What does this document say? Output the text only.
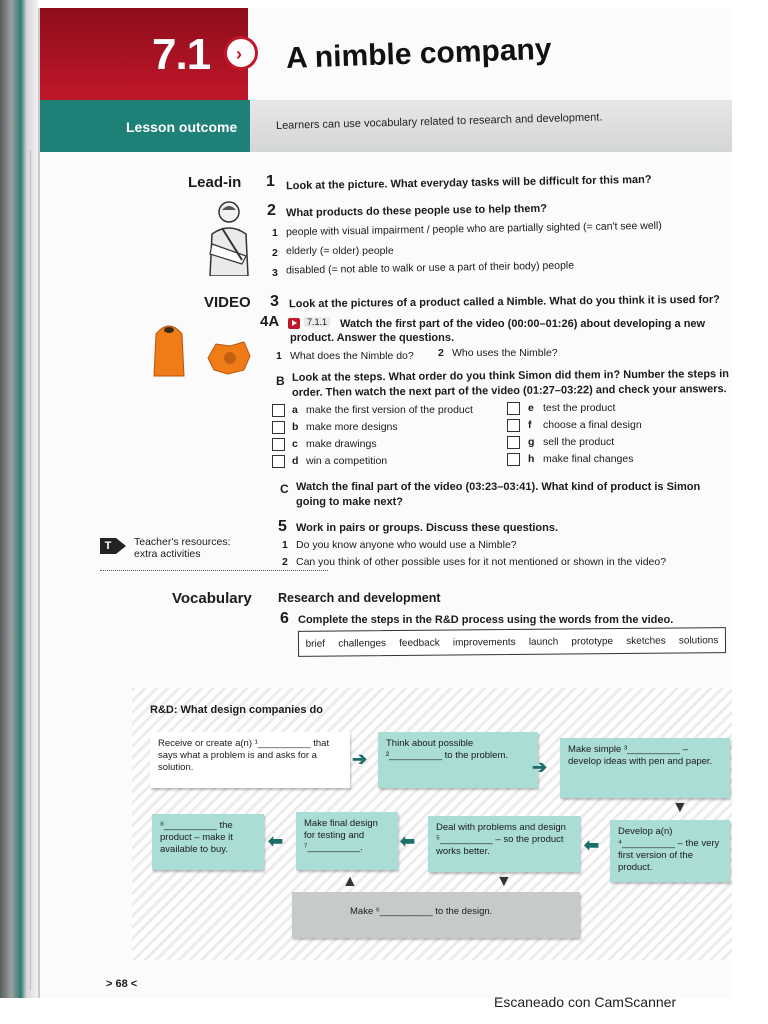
7.1 › A nimble company
Lesson outcome	Learners can use vocabulary related to research and development.
Lead-in 1 Look at the picture. What everyday tasks will be difficult for this man?
2 What products do these people use to help them?
1 people with visual impairment / people who are partially sighted (= can't see well)
2 elderly (= older) people
3 disabled (= not able to walk or use a part of their body) people
VIDEO 3 Look at the pictures of a product called a Nimble. What do you think it is used for?
4A	7.1.1 Watch the first part of the video (00:00–01:26) about developing a new
product. Answer the questions.
1 What does the Nimble do? 2 Who uses the Nimble?
B Look at the steps. What order do you think Simon did them in? Number the steps in
order. Then watch the next part of the video (01:27–03:22) and check your answers.
a make the first version of the product
b make more designs
c make drawings
d win a competition
e test the product
f choose a final design
g sell the product
h make final changes
C Watch the final part of the video (03:23–03:41). What kind of product is Simon
going to make next?
5 Work in pairs or groups. Discuss these questions.
1 Do you know anyone who would use a Nimble?
2 Can you think of other possible uses for it not mentioned or shown in the video?
T	Teacher's resources:
extra activities
Vocabulary Research and development
6 Complete the steps in the R&D process using the words from the video.
brief challenges feedback improvements launch prototype sketches solutions
R&D: What design companies do
Receive or create a(n) ¹__________ that says what a problem is and asks for a solution.	➔
Think about possible ²__________ to the problem.
➔
Make simple ³__________ – develop ideas with pen and paper.
▼
Develop a(n) ⁴__________ – the very first version of the product.
⬅
Deal with problems and design ⁵__________ – so the product works better.
⬅
Make final design for testing and ⁷__________.
⬅
⁸__________ the product – make it available to buy.
▲	▼
Make ⁶__________ to the design.
> 68 <
Escaneado con CamScanner
